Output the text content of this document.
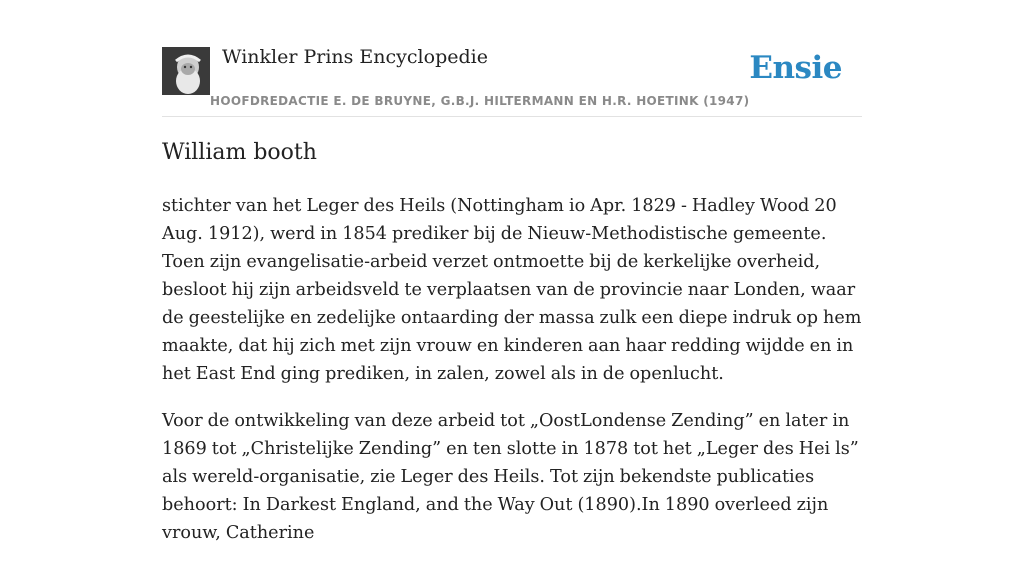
Winkler Prins Encyclopedie
HOOFDREDACTIE E. DE BRUYNE, G.B.J. HILTERMANN EN H.R. HOETINK (1947)
Ensie
William booth

stichter van het Leger des Heils (Nottingham io Apr. 1829 - Hadley Wood 20 Aug. 1912), werd in 1854 prediker bij de Nieuw-Methodistische gemeente. Toen zijn evangelisatie-arbeid verzet ontmoette bij de kerkelijke overheid, besloot hij zijn arbeidsveld te verplaatsen van de provincie naar Londen, waar de geestelijke en zedelijke ontaarding der massa zulk een diepe indruk op hem maakte, dat hij zich met zijn vrouw en kinderen aan haar redding wijdde en in het East End ging prediken, in zalen, zowel als in de openlucht.

Voor de ontwikkeling van deze arbeid tot „OostLondense Zending” en later in 1869 tot „Christelijke Zending” en ten slotte in 1878 tot het „Leger des Hei ls” als wereld-organisatie, zie Leger des Heils. Tot zijn bekendste publicaties behoort: In Darkest England, and the Way Out (1890).In 1890 overleed zijn vrouw, Catherine
